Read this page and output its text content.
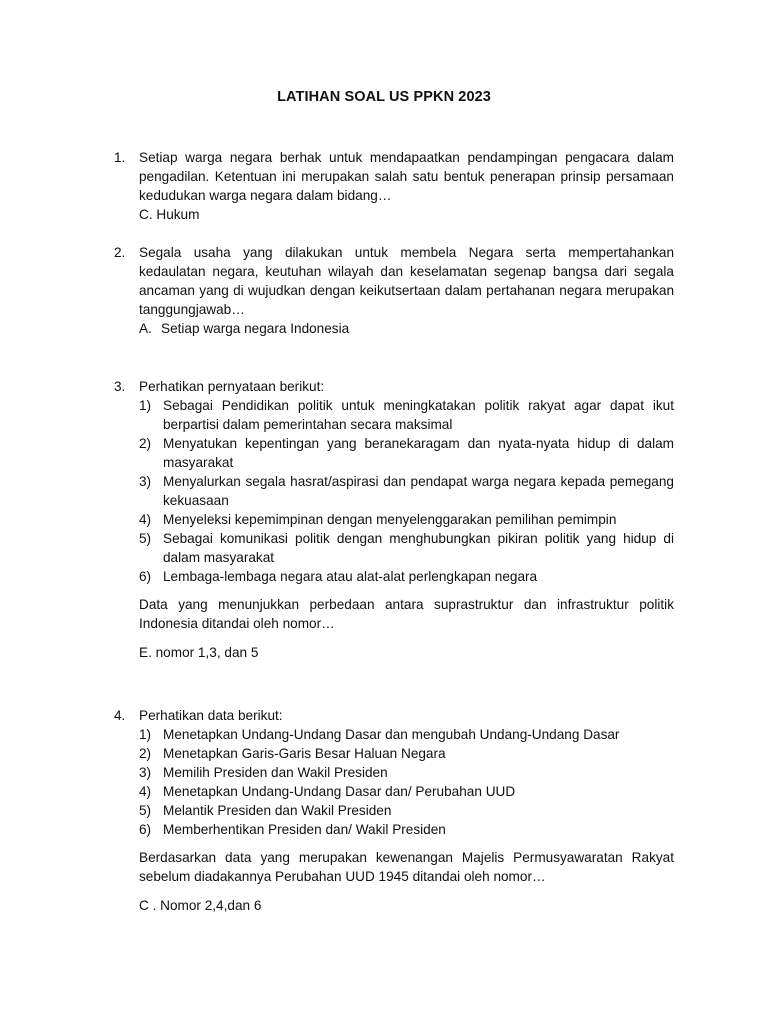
LATIHAN SOAL US PPKN 2023
1.	Setiap warga negara berhak untuk mendapaatkan pendampingan pengacara dalam pengadilan. Ketentuan ini merupakan salah satu bentuk penerapan prinsip persamaan kedudukan warga negara dalam bidang…
C. Hukum
2.	Segala usaha yang dilakukan untuk membela Negara serta mempertahankan kedaulatan negara, keutuhan wilayah dan keselamatan segenap bangsa dari segala ancaman yang di wujudkan dengan keikutsertaan dalam pertahanan negara merupakan tanggungjawab…
A. Setiap warga negara Indonesia
3.	Perhatikan pernyataan berikut:
1) Sebagai Pendidikan politik untuk meningkatakan politik rakyat agar dapat ikut berpartisi dalam pemerintahan secara maksimal
2) Menyatukan kepentingan yang beranekaragam dan nyata-nyata hidup di dalam masyarakat
3) Menyalurkan segala hasrat/aspirasi dan pendapat warga negara kepada pemegang kekuasaan
4) Menyeleksi kepemimpinan dengan menyelenggarakan pemilihan pemimpin
5) Sebagai komunikasi politik dengan menghubungkan pikiran politik yang hidup di dalam masyarakat
6) Lembaga-lembaga negara atau alat-alat perlengkapan negara
Data yang menunjukkan perbedaan antara suprastruktur dan infrastruktur politik Indonesia ditandai oleh nomor…
E. nomor 1,3, dan 5
4.	Perhatikan data berikut:
1) Menetapkan Undang-Undang Dasar dan mengubah Undang-Undang Dasar
2) Menetapkan Garis-Garis Besar Haluan Negara
3) Memilih Presiden dan Wakil Presiden
4) Menetapkan Undang-Undang Dasar dan/ Perubahan UUD
5) Melantik Presiden dan Wakil Presiden
6) Memberhentikan Presiden dan/ Wakil Presiden
Berdasarkan data yang merupakan kewenangan Majelis Permusyawaratan Rakyat sebelum diadakannya Perubahan UUD 1945 ditandai oleh nomor…
C . Nomor 2,4,dan 6
